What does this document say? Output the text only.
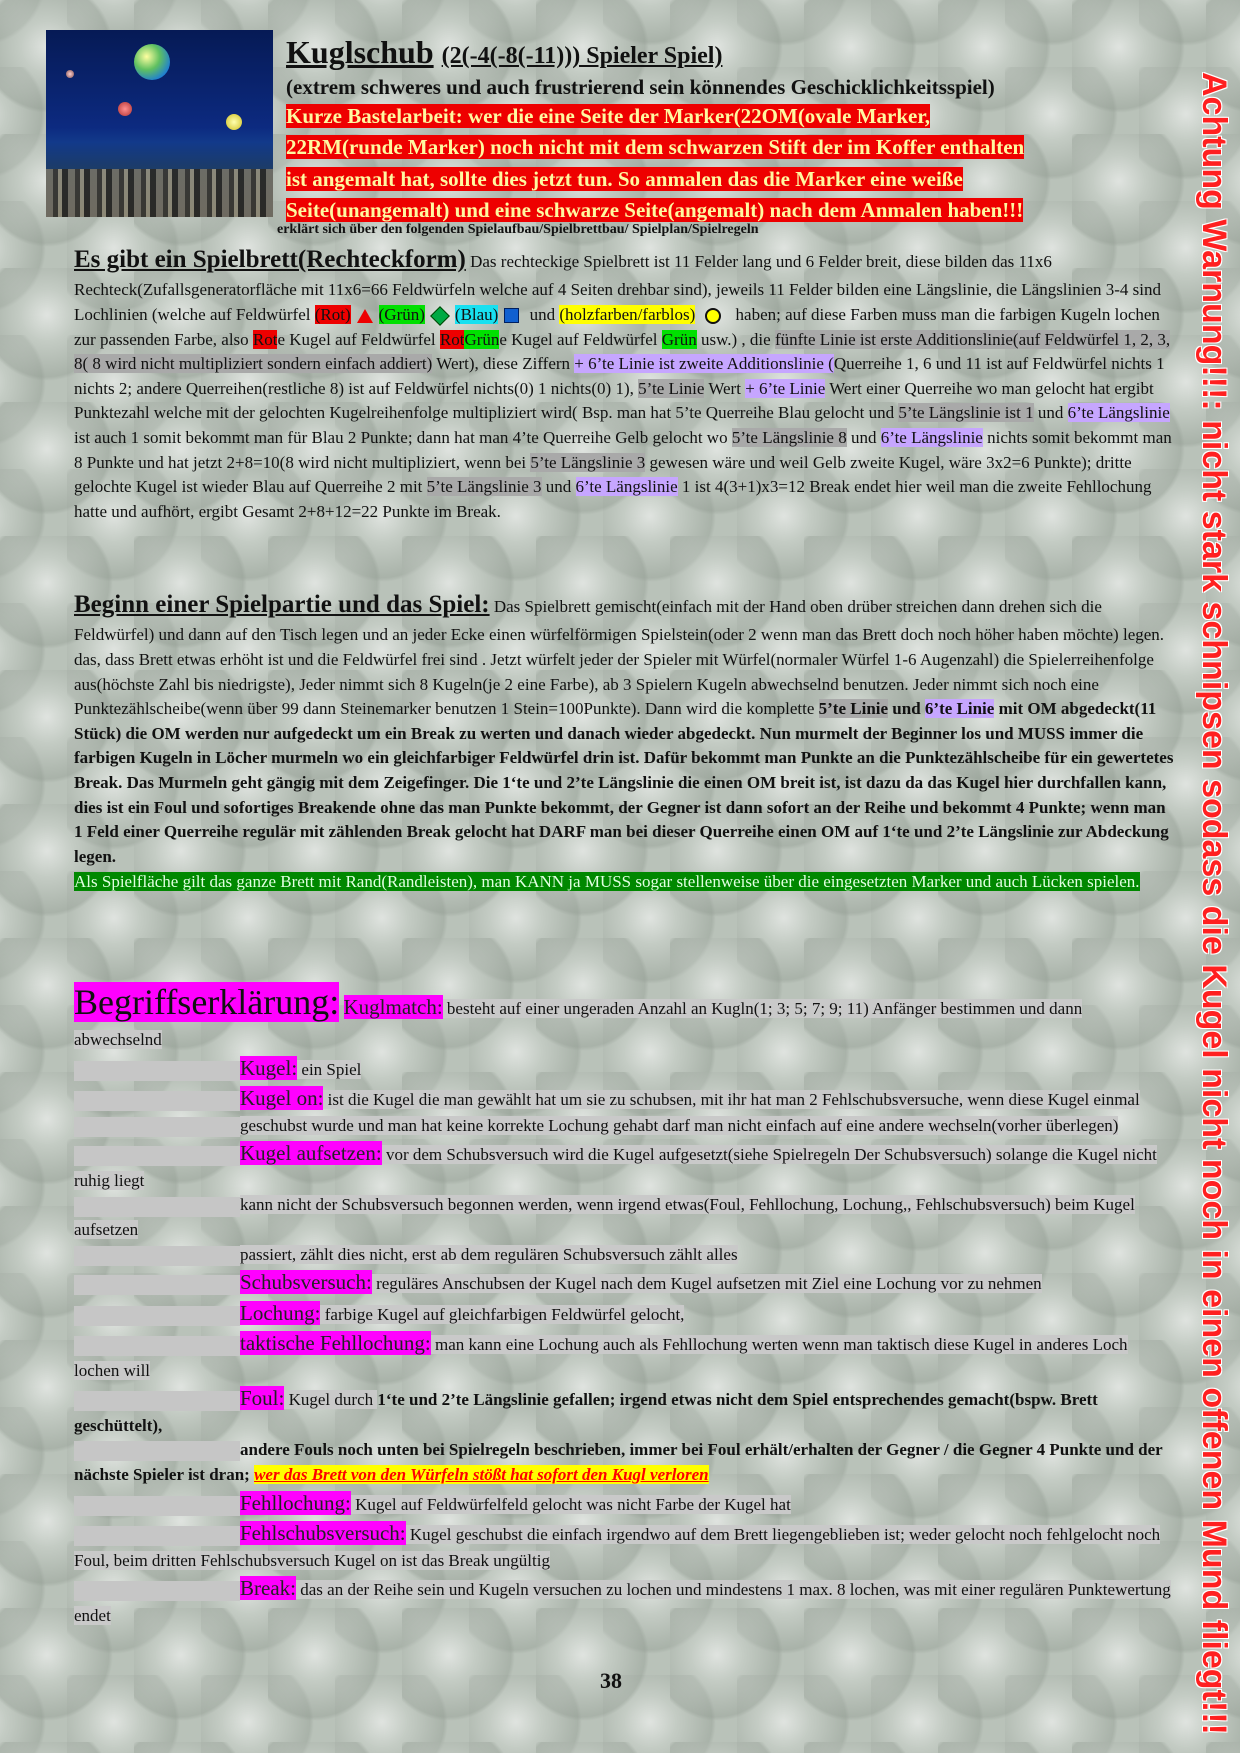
Kuglschub (2(-4(-8(-11))) Spieler Spiel)
(extrem schweres und auch frustrierend sein könnendes Geschicklichkeitsspiel)
Kurze Bastelarbeit: wer die eine Seite der Marker(22OM(ovale Marker,
22RM(runde Marker) noch nicht mit dem schwarzen Stift der im Koffer enthalten
ist angemalt hat, sollte dies jetzt tun. So anmalen das die Marker eine weiße
Seite(unangemalt) und eine schwarze Seite(angemalt) nach dem Anmalen haben!!!
erklärt sich über den folgenden Spielaufbau/Spielbrettbau/ Spielplan/Spielregeln	Achtung Warnung!!!: nicht stark schnipsen sodass die Kugel nicht noch in einen offenen Mund fliegt!!!

Es gibt ein Spielbrett(Rechteckform) Das rechteckige Spielbrett ist 11 Felder lang und 6 Felder breit, diese bilden das 11x6 Rechteck(Zufallsgeneratorfläche mit 11x6=66 Feldwürfeln welche auf 4 Seiten drehbar sind), jeweils 11 Felder bilden eine Längslinie, die Längslinien 3-4 sind Lochlinien (welche auf Feldwürfel (Rot) (Grün) (Blau) und (holzfarben/farblos) haben; auf diese Farben muss man die farbigen Kugeln lochen zur passenden Farbe, also Rote Kugel auf Feldwürfel RotGrüne Kugel auf Feldwürfel Grün usw.) , die fünfte Linie ist erste Additionslinie(auf Feldwürfel 1, 2, 3, 8( 8 wird nicht multipliziert sondern einfach addiert) Wert), diese Ziffern + 6’te Linie ist zweite Additionslinie (Querreihe 1, 6 und 11 ist auf Feldwürfel nichts 1 nichts 2; andere Querreihen(restliche 8) ist auf Feldwürfel nichts(0) 1 nichts(0) 1), 5’te Linie Wert + 6’te Linie Wert einer Querreihe wo man gelocht hat ergibt Punktezahl welche mit der gelochten Kugelreihenfolge multipliziert wird( Bsp. man hat 5’te Querreihe Blau gelocht und 5’te Längslinie ist 1 und 6’te Längslinie ist auch 1 somit bekommt man für Blau 2 Punkte; dann hat man 4’te Querreihe Gelb gelocht wo 5’te Längslinie 8 und 6’te Längslinie nichts somit bekommt man 8 Punkte und hat jetzt 2+8=10(8 wird nicht multipliziert, wenn bei 5’te Längslinie 3 gewesen wäre und weil Gelb zweite Kugel, wäre 3x2=6 Punkte); dritte gelochte Kugel ist wieder Blau auf Querreihe 2 mit 5’te Längslinie 3 und 6’te Längslinie 1 ist 4(3+1)x3=12 Break endet hier weil man die zweite Fehllochung hatte und aufhört, ergibt Gesamt 2+8+12=22 Punkte im Break.

Beginn einer Spielpartie und das Spiel: Das Spielbrett gemischt(einfach mit der Hand oben drüber streichen dann drehen sich die Feldwürfel) und dann auf den Tisch legen und an jeder Ecke einen würfelförmigen Spielstein(oder 2 wenn man das Brett doch noch höher haben möchte) legen. das, dass Brett etwas erhöht ist und die Feldwürfel frei sind . Jetzt würfelt jeder der Spieler mit Würfel(normaler Würfel 1-6 Augenzahl) die Spielerreihenfolge aus(höchste Zahl bis niedrigste), Jeder nimmt sich 8 Kugeln(je 2 eine Farbe), ab 3 Spielern Kugeln abwechselnd benutzen. Jeder nimmt sich noch eine Punktezählscheibe(wenn über 99 dann Steinemarker benutzen 1 Stein=100Punkte). Dann wird die komplette 5’te Linie und 6’te Linie mit OM abgedeckt(11 Stück) die OM werden nur aufgedeckt um ein Break zu werten und danach wieder abgedeckt. Nun murmelt der Beginner los und MUSS immer die farbigen Kugeln in Löcher murmeln wo ein gleichfarbiger Feldwürfel drin ist. Dafür bekommt man Punkte an die Punktezählscheibe für ein gewertetes Break. Das Murmeln geht gängig mit dem Zeigefinger. Die 1‘te und 2’te Längslinie die einen OM breit ist, ist dazu da das Kugel hier durchfallen kann, dies ist ein Foul und sofortiges Breakende ohne das man Punkte bekommt, der Gegner ist dann sofort an der Reihe und bekommt 4 Punkte; wenn man 1 Feld einer Querreihe regulär mit zählenden Break gelocht hat DARF man bei dieser Querreihe einen OM auf 1‘te und 2’te Längslinie zur Abdeckung legen.

Als Spielfläche gilt das ganze Brett mit Rand(Randleisten), man KANN ja MUSS sogar stellenweise über die eingesetzten Marker und auch Lücken spielen.

Begriffserklärung: Kuglmatch: besteht auf einer ungeraden Anzahl an Kugln(1; 3; 5; 7; 9; 11) Anfänger bestimmen und dann abwechselnd

Kugel: ein Spiel

Kugel on: ist die Kugel die man gewählt hat um sie zu schubsen, mit ihr hat man 2 Fehlschubsversuche, wenn diese Kugel einmal

geschubst wurde und man hat keine korrekte Lochung gehabt darf man nicht einfach auf eine andere wechseln(vorher überlegen)

Kugel aufsetzen: vor dem Schubsversuch wird die Kugel aufgesetzt(siehe Spielregeln Der Schubsversuch) solange die Kugel nicht ruhig liegt

kann nicht der Schubsversuch begonnen werden, wenn irgend etwas(Foul, Fehllochung, Lochung,, Fehlschubsversuch) beim Kugel aufsetzen

passiert, zählt dies nicht, erst ab dem regulären Schubsversuch zählt alles

Schubsversuch: reguläres Anschubsen der Kugel nach dem Kugel aufsetzen mit Ziel eine Lochung vor zu nehmen

Lochung: farbige Kugel auf gleichfarbigen Feldwürfel gelocht,

taktische Fehllochung: man kann eine Lochung auch als Fehllochung werten wenn man taktisch diese Kugel in anderes Loch lochen will

Foul: Kugel durch 1‘te und 2’te Längslinie gefallen; irgend etwas nicht dem Spiel entsprechendes gemacht(bspw. Brett geschüttelt),

andere Fouls noch unten bei Spielregeln beschrieben, immer bei Foul erhält/erhalten der Gegner / die Gegner 4 Punkte und der nächste Spieler ist dran; wer das Brett von den Würfeln stößt hat sofort den Kugl verloren

Fehllochung: Kugel auf Feldwürfelfeld gelocht was nicht Farbe der Kugel hat

Fehlschubsversuch: Kugel geschubst die einfach irgendwo auf dem Brett liegengeblieben ist; weder gelocht noch fehlgelocht noch Foul, beim dritten Fehlschubsversuch Kugel on ist das Break ungültig

Break: das an der Reihe sein und Kugeln versuchen zu lochen und mindestens 1 max. 8 lochen, was mit einer regulären Punktewertung endet

38
